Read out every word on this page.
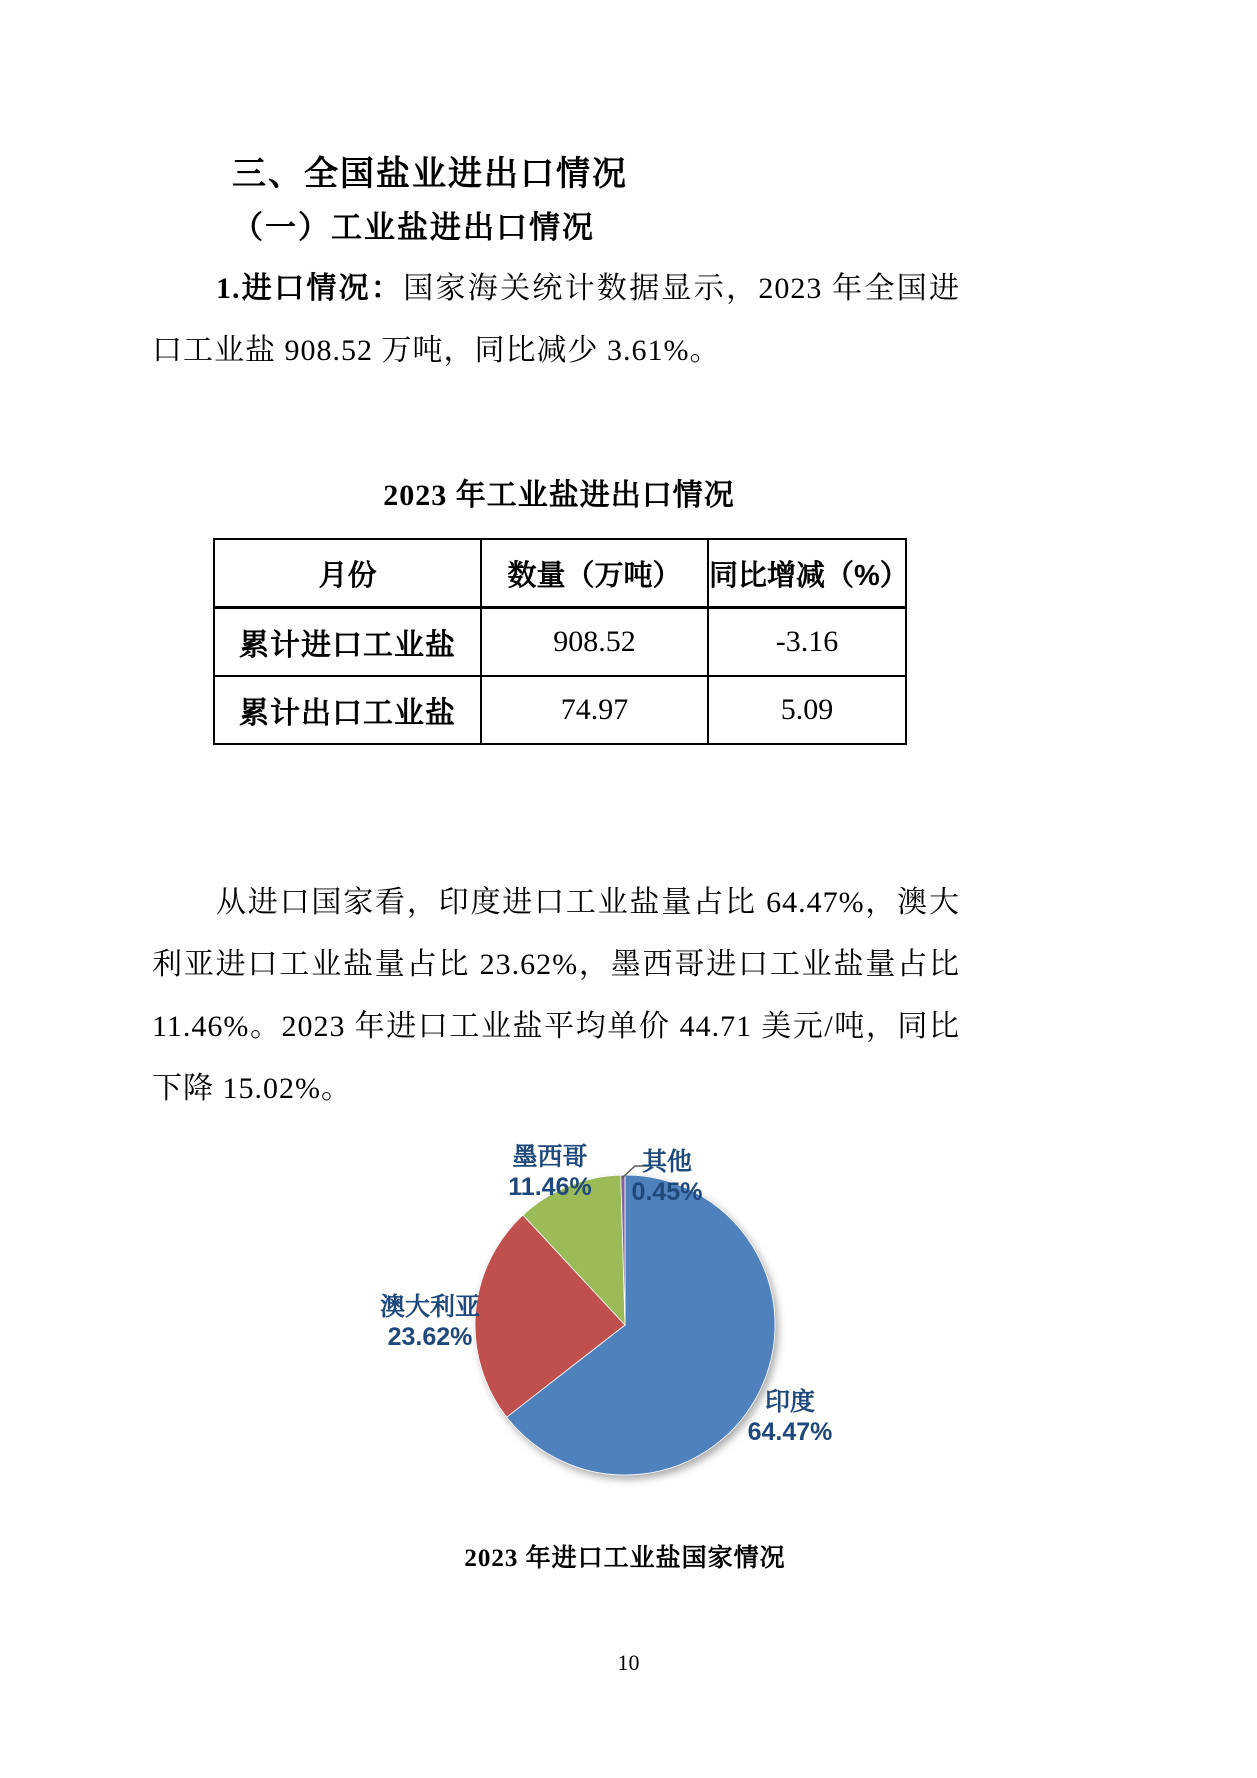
三、全国盐业进出口情况
（一）工业盐进出口情况
1.进口情况：国家海关统计数据显示，2023 年全国进口工业盐 908.52 万吨，同比减少 3.61%。
2023 年工业盐进出口情况
月份	数量（万吨）	同比增减（%）
累计进口工业盐	908.52	-3.16
累计出口工业盐	74.97	5.09
从进口国家看，印度进口工业盐量占比 64.47%，澳大利亚进口工业盐量占比 23.62%，墨西哥进口工业盐量占比 11.46%。2023 年进口工业盐平均单价 44.71 美元/吨，同比下降 15.02%。
印度 64.47%
澳大利亚 23.62%
墨西哥 11.46%
其他 0.45%
2023 年进口工业盐国家情况
10
